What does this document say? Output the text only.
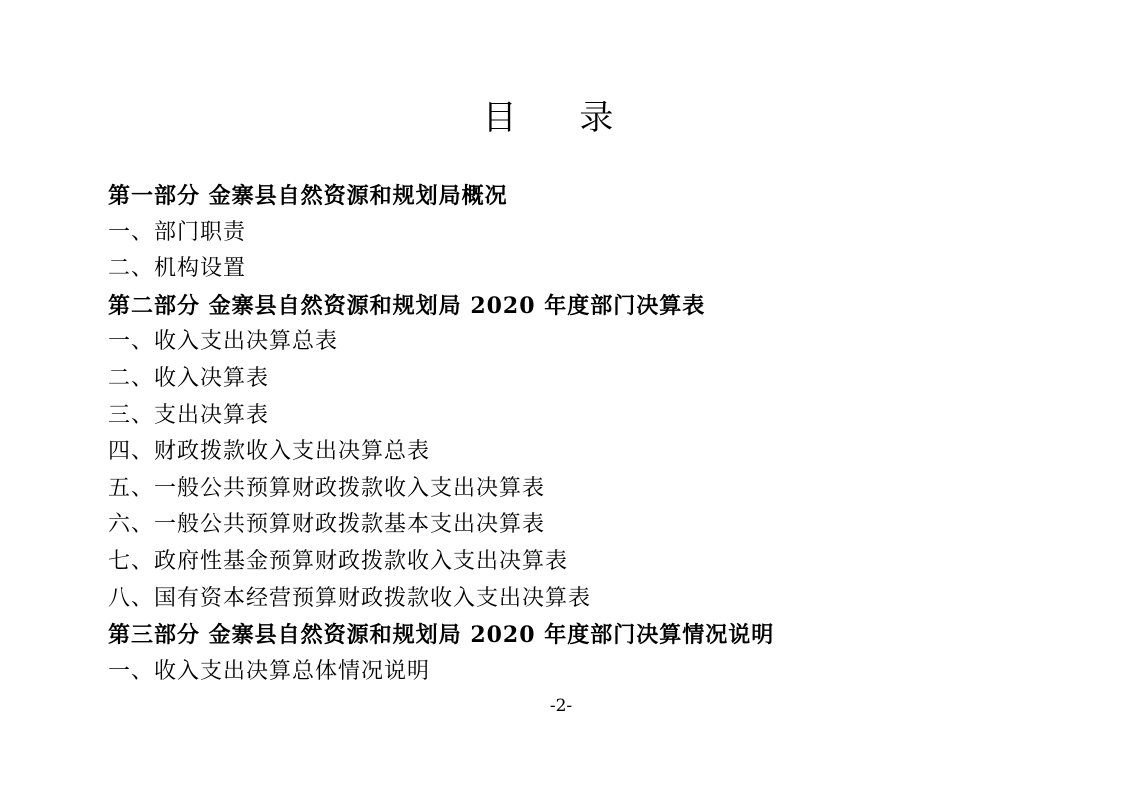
目 录
第一部分 金寨县自然资源和规划局概况
一、部门职责
二、机构设置
第二部分 金寨县自然资源和规划局 2020 年度部门决算表
一、收入支出决算总表
二、收入决算表
三、支出决算表
四、财政拨款收入支出决算总表
五、一般公共预算财政拨款收入支出决算表
六、一般公共预算财政拨款基本支出决算表
七、政府性基金预算财政拨款收入支出决算表
八、国有资本经营预算财政拨款收入支出决算表
第三部分 金寨县自然资源和规划局 2020 年度部门决算情况说明
一、收入支出决算总体情况说明
-2-
